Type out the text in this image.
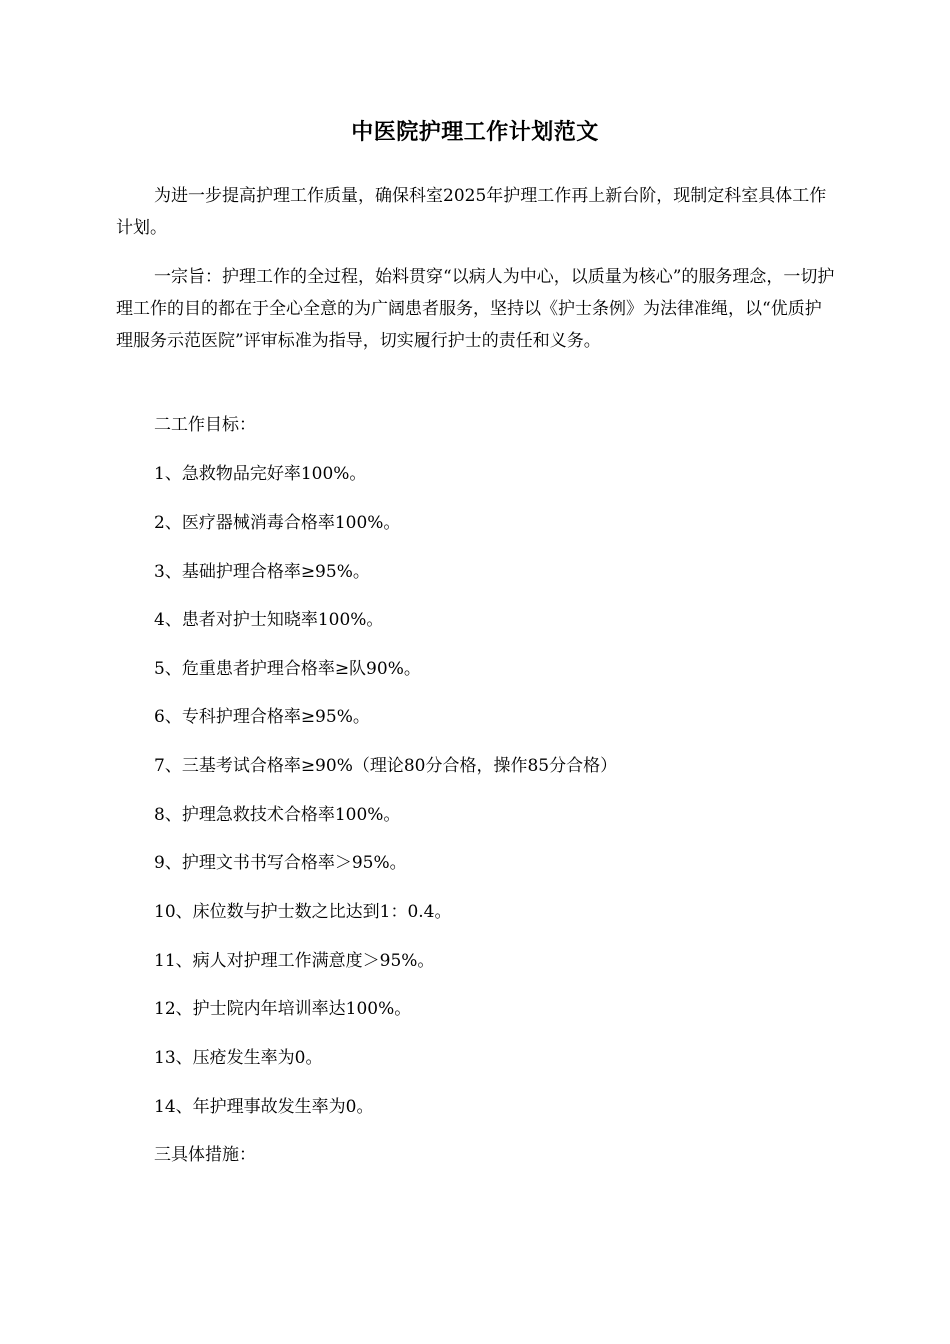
中医院护理工作计划范文

为进一步提高护理工作质量，确保科室2025年护理工作再上新台阶，现制定科室具体工作计划。

一宗旨：护理工作的全过程，始料贯穿“以病人为中心，以质量为核心”的服务理念，一切护理工作的目的都在于全心全意的为广阔患者服务，坚持以《护士条例》为法律准绳，以“优质护理服务示范医院”评审标准为指导，切实履行护士的责任和义务。

二工作目标：
1、急救物品完好率100%。
2、医疗器械消毒合格率100%。
3、基础护理合格率≥95%。
4、患者对护士知晓率100%。
5、危重患者护理合格率≥队90%。
6、专科护理合格率≥95%。
7、三基考试合格率≥90%（理论80分合格，操作85分合格）
8、护理急救技术合格率100%。
9、护理文书书写合格率＞95%。
10、床位数与护士数之比达到1：0.4。
11、病人对护理工作满意度＞95%。
12、护士院内年培训率达100%。
13、压疮发生率为0。
14、年护理事故发生率为0。
三具体措施：
